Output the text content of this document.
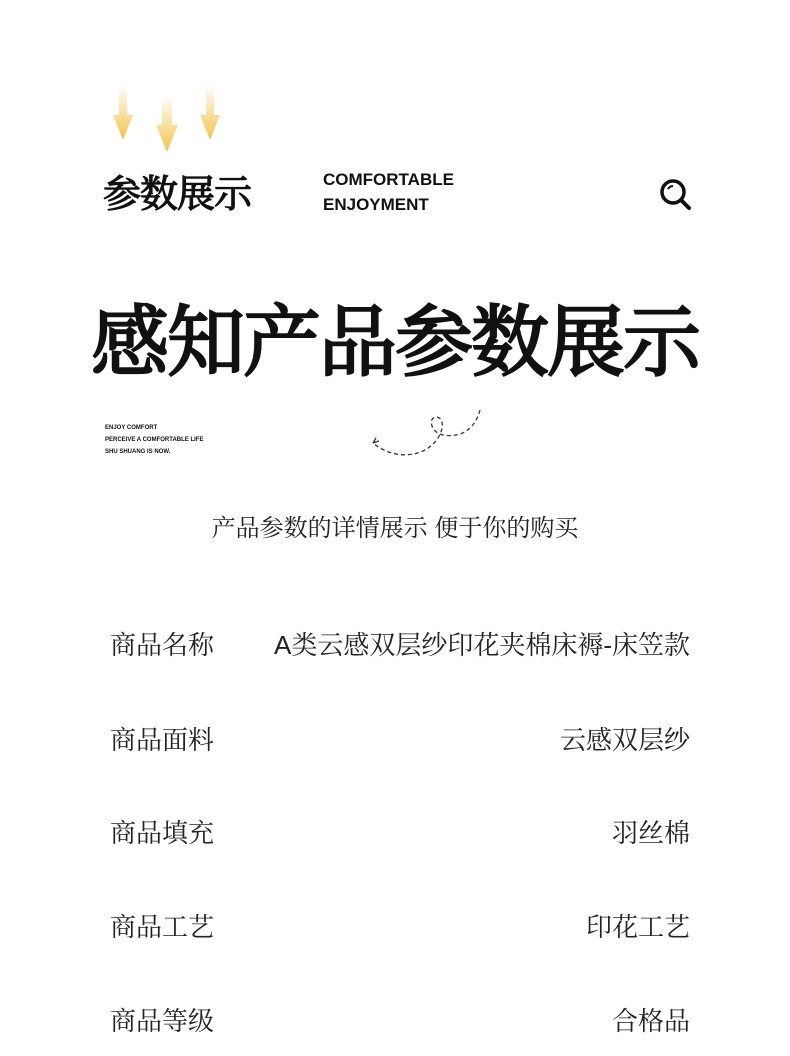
参数展示	COMFORTABLE
ENJOYMENT
感知产品参数展示
ENJOY COMFORT
PERCEIVE A COMFORTABLE LIFE
SHU SHUANG IS NOW.
产品参数的详情展示 便于你的购买
商品名称 A类云感双层纱印花夹棉床褥-床笠款
商品面料	云感双层纱
商品填充	羽丝棉
商品工艺	印花工艺
商品等级	合格品
